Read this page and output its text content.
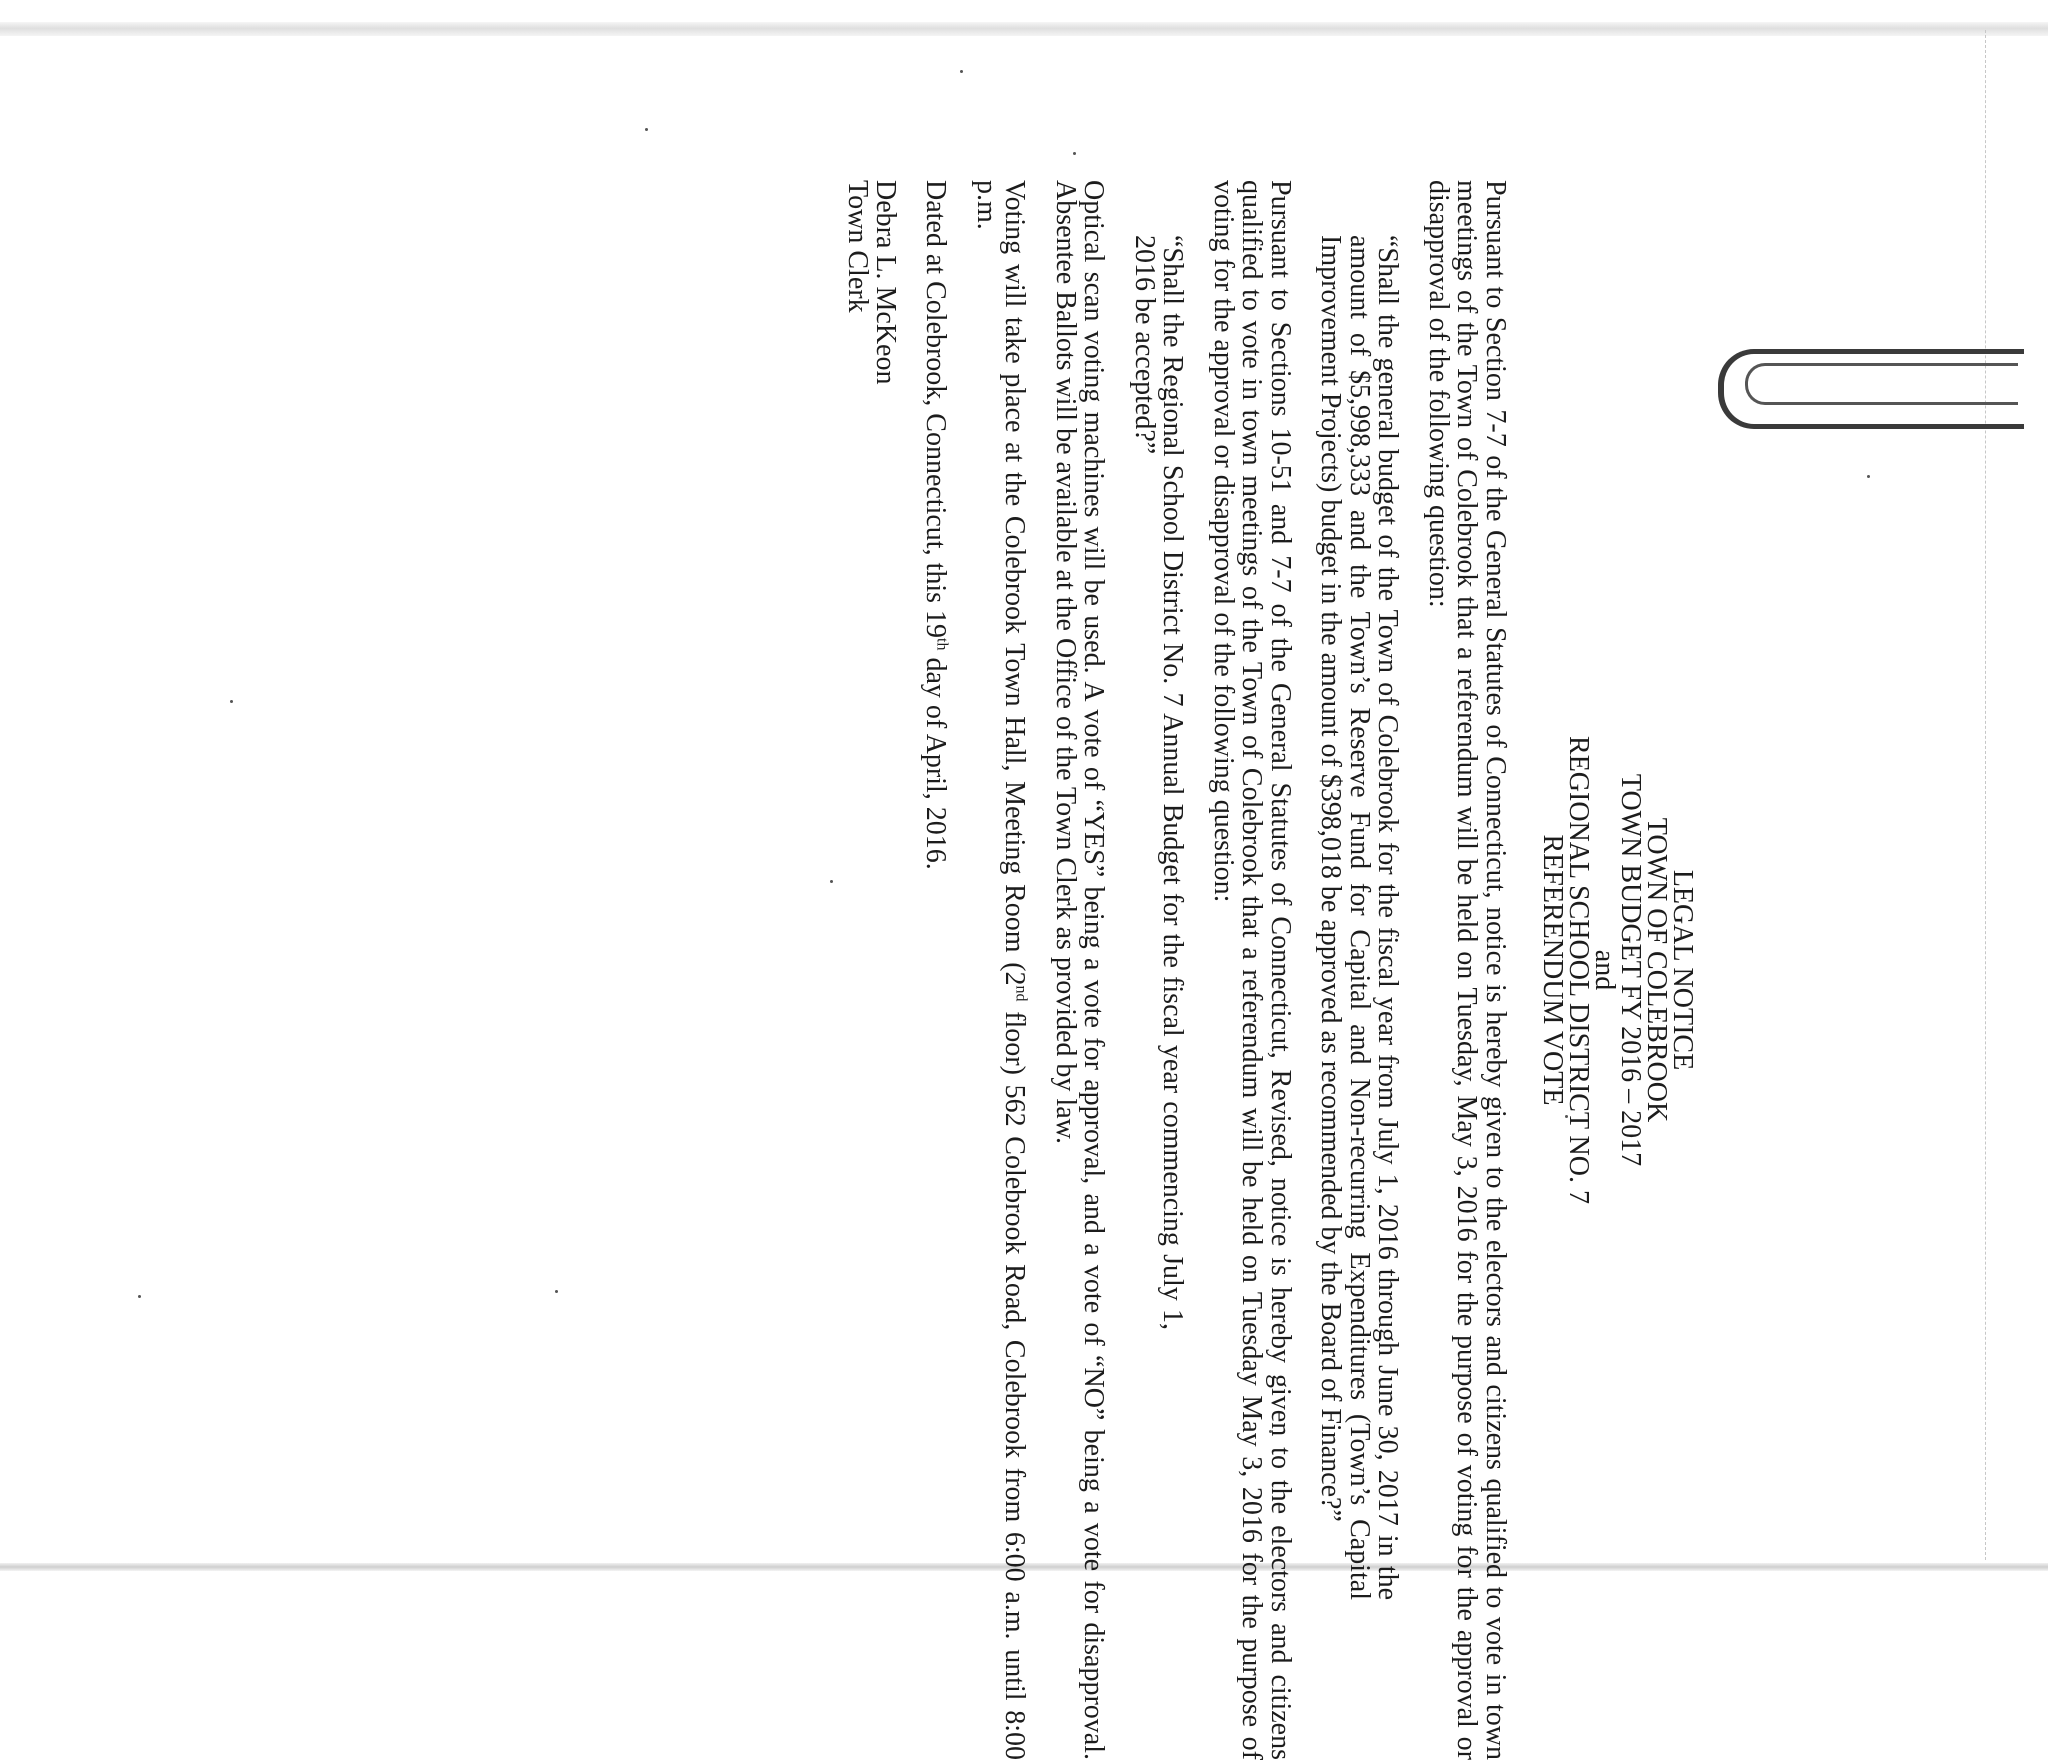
LEGAL NOTICE
TOWN OF COLEBROOK
TOWN BUDGET FY 2016 – 2017
and
REGIONAL SCHOOL DISTRICT NO. 7
REFERENDUM VOTE

Pursuant to Section 7-7 of the General Statutes of Connecticut, notice is hereby given to the electors and citizens qualified to vote in town meetings of the Town of Colebrook that a referendum will be held on Tuesday, May 3, 2016 for the purpose of voting for the approval or disapproval of the following question:

“Shall the general budget of the Town of Colebrook for the fiscal year from July 1, 2016 through June 30, 2017 in the amount of $5,998,333 and the Town’s Reserve Fund for Capital and Non-recurring Expenditures (Town’s Capital Improvement Projects) budget in the amount of $398,018 be approved as recommended by the Board of Finance?”

Pursuant to Sections 10-51 and 7-7 of the General Statutes of Connecticut, Revised, notice is hereby given to the electors and citizens qualified to vote in town meetings of the Town of Colebrook that a referendum will be held on Tuesday May 3, 2016 for the purpose of voting for the approval or disapproval of the following question:

“Shall the Regional School District No. 7 Annual Budget for the fiscal year commencing July 1, 2016 be accepted?”

Optical scan voting machines will be used. A vote of “YES” being a vote for approval, and a vote of “NO” being a vote for disapproval. Absentee Ballots will be available at the Office of the Town Clerk as provided by law.

Voting will take place at the Colebrook Town Hall, Meeting Room (2nd floor) 562 Colebrook Road, Colebrook from 6:00 a.m. until 8:00 p.m.

Dated at Colebrook, Connecticut, this 19th day of April, 2016.

Debra L. McKeon
Town Clerk
